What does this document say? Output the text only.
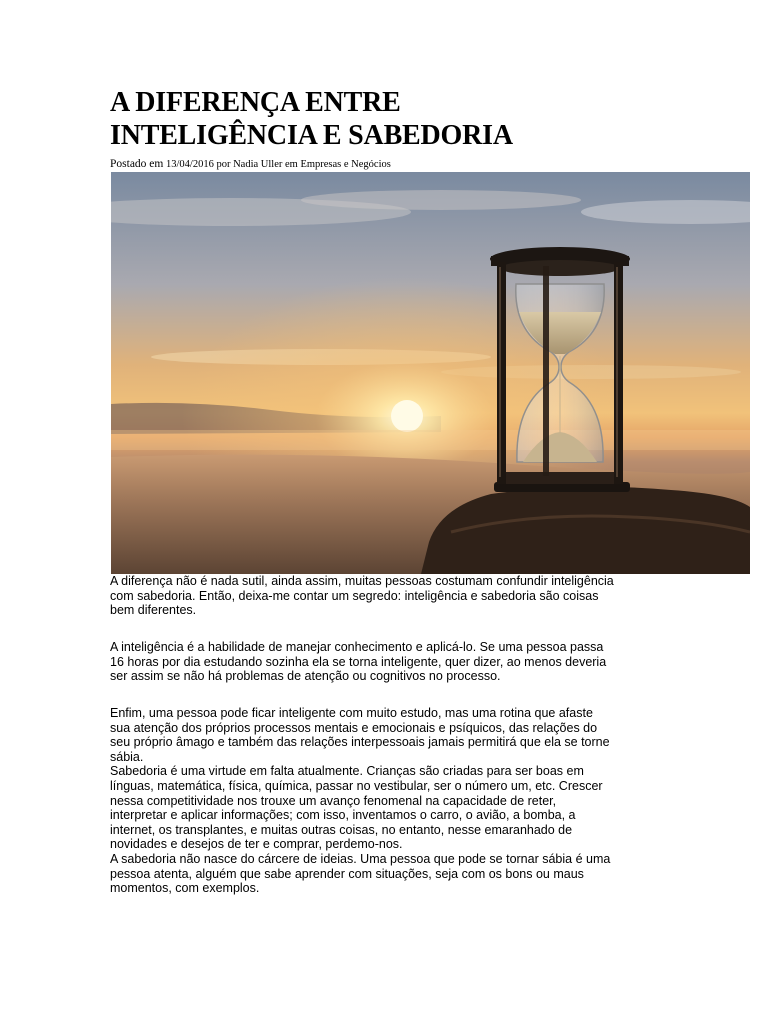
A DIFERENÇA ENTRE
INTELIGÊNCIA E SABEDORIA
Postado em 13/04/2016 por Nadia Uller em Empresas e Negócios
A diferença não é nada sutil, ainda assim, muitas pessoas costumam confundir inteligência
com sabedoria. Então, deixa-me contar um segredo: inteligência e sabedoria são coisas
bem diferentes.
A inteligência é a habilidade de manejar conhecimento e aplicá-lo. Se uma pessoa passa
16 horas por dia estudando sozinha ela se torna inteligente, quer dizer, ao menos deveria
ser assim se não há problemas de atenção ou cognitivos no processo.
Enfim, uma pessoa pode ficar inteligente com muito estudo, mas uma rotina que afaste
sua atenção dos próprios processos mentais e emocionais e psíquicos, das relações do
seu próprio âmago e também das relações interpessoais jamais permitirá que ela se torne
sábia.
Sabedoria é uma virtude em falta atualmente. Crianças são criadas para ser boas em
línguas, matemática, física, química, passar no vestibular, ser o número um, etc. Crescer
nessa competitividade nos trouxe um avanço fenomenal na capacidade de reter,
interpretar e aplicar informações; com isso, inventamos o carro, o avião, a bomba, a
internet, os transplantes, e muitas outras coisas, no entanto, nesse emaranhado de
novidades e desejos de ter e comprar, perdemo-nos.
A sabedoria não nasce do cárcere de ideias. Uma pessoa que pode se tornar sábia é uma
pessoa atenta, alguém que sabe aprender com situações, seja com os bons ou maus
momentos, com exemplos.
